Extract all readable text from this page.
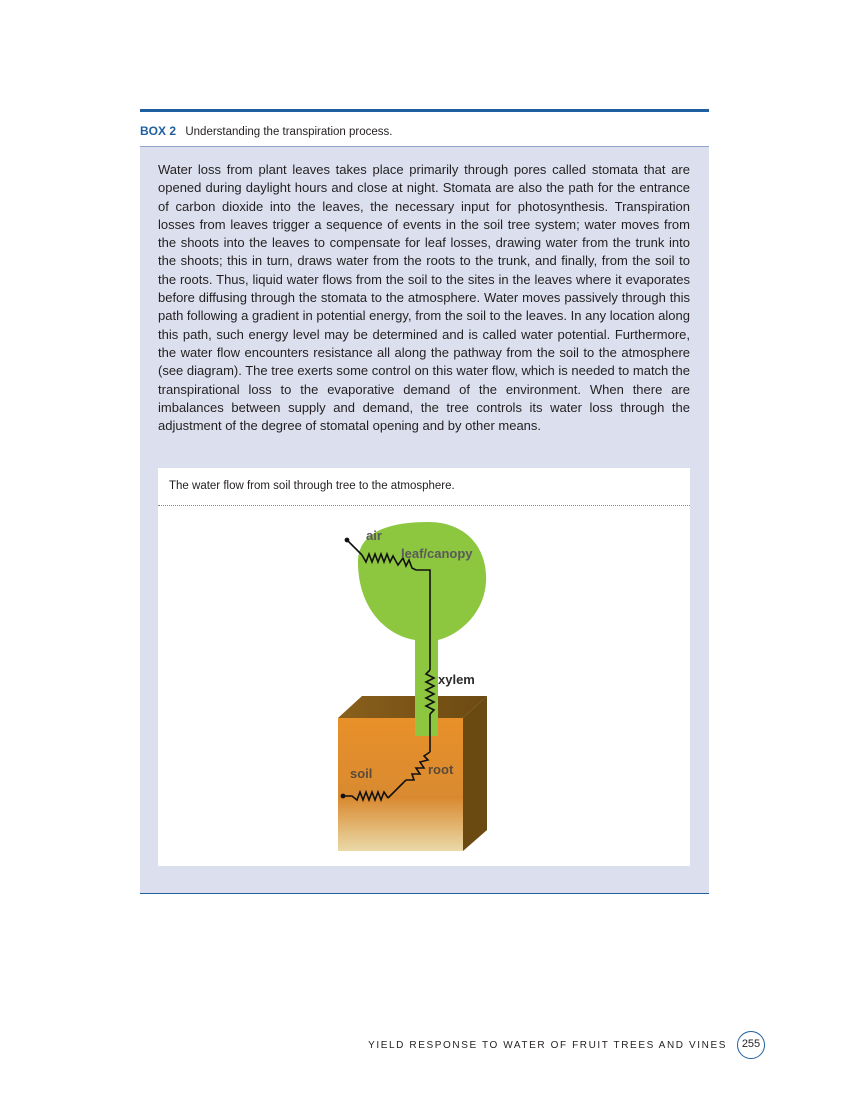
BOX 2 Understanding the transpiration process.
Water loss from plant leaves takes place primarily through pores called stomata that are opened during daylight hours and close at night. Stomata are also the path for the entrance of carbon dioxide into the leaves, the necessary input for photosynthesis. Transpiration losses from leaves trigger a sequence of events in the soil tree system; water moves from the shoots into the leaves to compensate for leaf losses, drawing water from the trunk into the shoots; this in turn, draws water from the roots to the trunk, and finally, from the soil to the roots. Thus, liquid water flows from the soil to the sites in the leaves where it evaporates before diffusing through the stomata to the atmosphere. Water moves passively through this path following a gradient in potential energy, from the soil to the leaves. In any location along this path, such energy level may be determined and is called water potential. Furthermore, the water flow encounters resistance all along the pathway from the soil to the atmosphere (see diagram). The tree exerts some control on this water flow, which is needed to match the transpirational loss to the evaporative demand of the environment. When there are imbalances between supply and demand, the tree controls its water loss through the adjustment of the degree of stomatal opening and by other means.
The water flow from soil through tree to the atmosphere.
air
leaf/canopy
xylem
root
soil
YIELD RESPONSE TO WATER OF FRUIT TREES AND VINES	255
